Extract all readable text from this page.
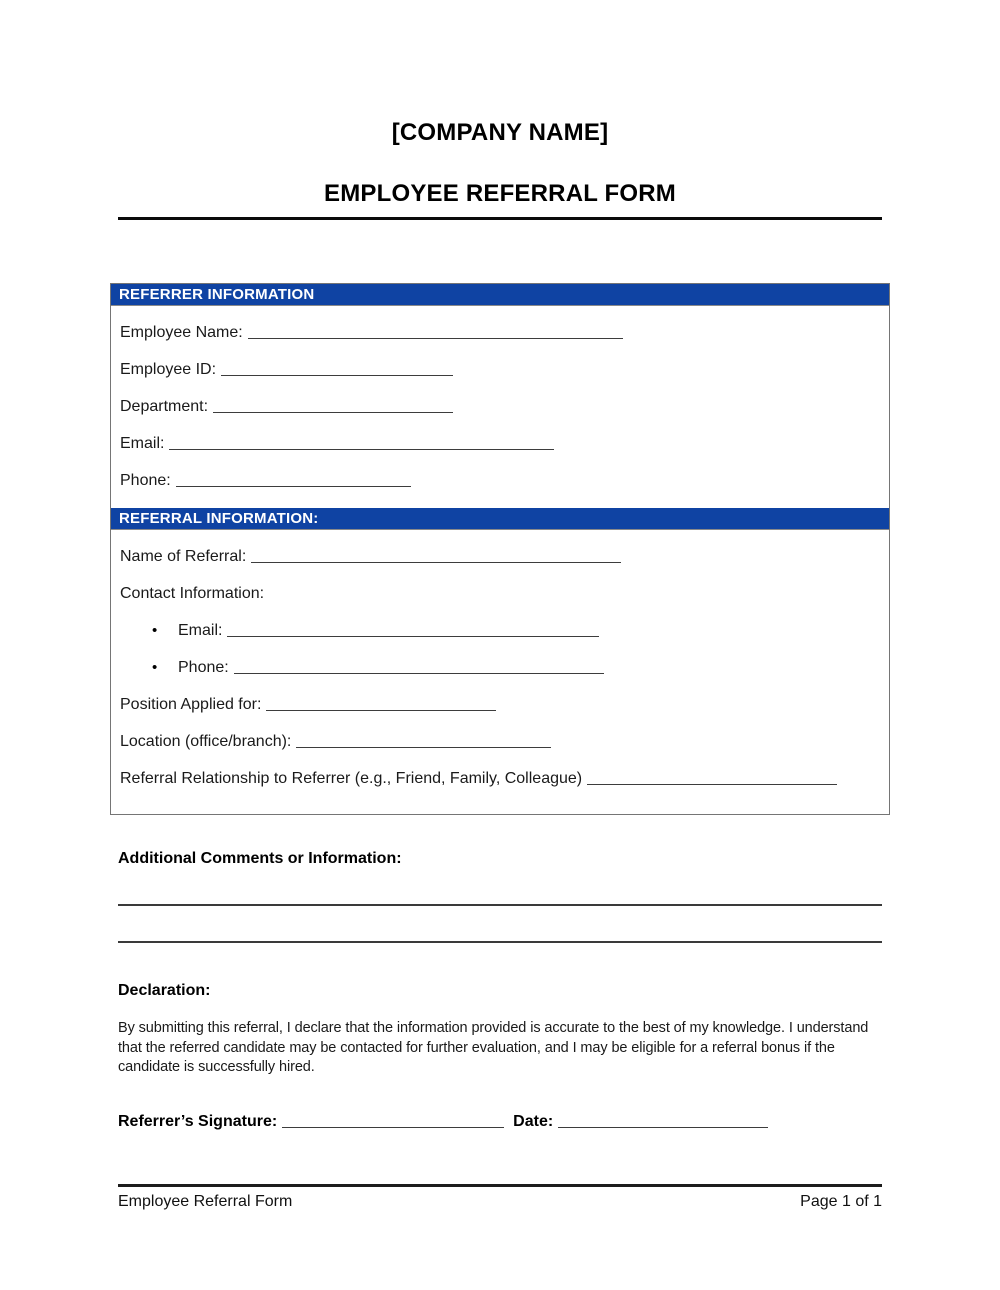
[COMPANY NAME]
EMPLOYEE REFERRAL FORM
REFERRER INFORMATION
Employee Name:
Employee ID:
Department:
Email:
Phone:
REFERRAL INFORMATION:
Name of Referral:
Contact Information:
• Email:
• Phone:
Position Applied for:
Location (office/branch):
Referral Relationship to Referrer (e.g., Friend, Family, Colleague)
Additional Comments or Information:
Declaration:
By submitting this referral, I declare that the information provided is accurate to the best of my knowledge. I understand that the referred candidate may be contacted for further evaluation, and I may be eligible for a referral bonus if the candidate is successfully hired.
Referrer’s Signature:	Date:
Employee Referral Form	Page 1 of 1
